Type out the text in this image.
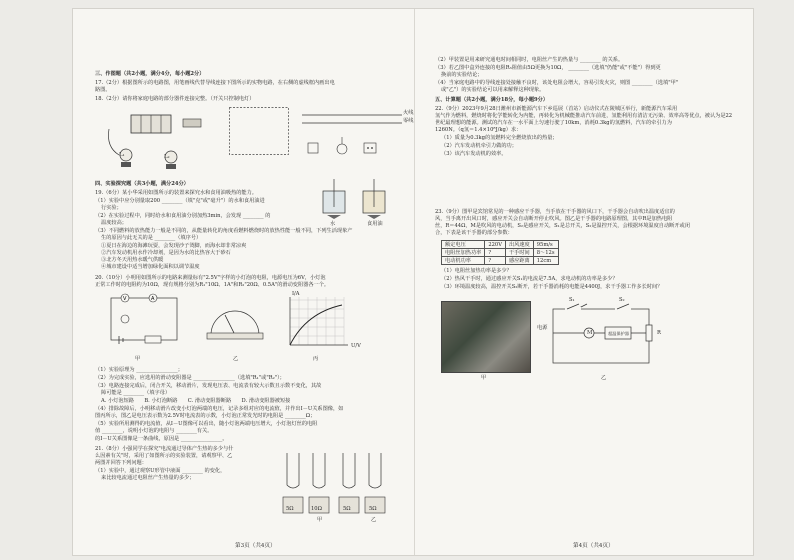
三、作图题（共2小题，满分4分，每小题2分）
17.（2分）根据图所示的电路图，用笔画线代替导线连接下图所示的实物电路，在右侧的虚线框内画出电
路图。
18.（2分）请你将家庭电路的部分器件连接完整。（开关只控制电灯）
L₁	L₂
火线
零线
四、实验探究题（共3小题，满分24分）
19.（6分）某小华采用如图所示的装置来探究水和食用油吸热的能力。
（1）实验中应分别量取200 ________（填"克"或"毫升"）的水和食用油进
行实验；
（2）在实验过程中，同时给水和食用油分别加热3min，会发现 ________ 的
温度较高；
（3）不同燃料的放热能力一般是不同的，从能量转化的角度看燃料燃烧时的放热性能一般不同，下列生活现象产
生的原因与此无关的是 ________（填序号）
①夏日在海边的海滩玩耍，会发现沙子烫脚，而海水却非常凉爽
②汽车发动机用水作冷却剂，是因为水的比热容大于砂石
③北方冬天用热水暖气供暖
④城市建设中适当增加绿化面积以调节温度
水	食用油
20.（10分）小明用如图所示的电路来测量标有"2.5V"字样的小灯泡的电阻，电源电压为6V，小灯泡
正常工作时的电阻约为10Ω，现有规格分别为R₁"10Ω、1A"和R₂"20Ω、0.5A"的滑动变阻器各一个。
V	A
甲	乙
I/A
U/V
丙
（1）实验原理为 ________________；
（2）为完成实验，应选用的滑动变阻器是 ________________（选填"R₁"或"R₂"）；
（3）电路连接完成后，闭合开关，移动滑片，发现电压表、电流表有较大示数且示数不变化，其故
障可能是 ________（填字母）
A. 小灯泡短路　　B. 小灯泡断路　　C. 滑动变阻器断路　　D. 滑动变阻器被短接
（4）排除故障后，小明移动滑片改变小灯泡两端的电压，记录多组对应的电流值，并作出I－U关系图像，如
图丙所示，图乙是电压表示数为2.5V时电流表的示数，小灯泡正常发光时的电阻是 ________Ω；
（5）实验所用测得的电流值，从I－U图像可以看出，随小灯泡两端电压增大，小灯泡灯丝的电阻
值 ________，说明小灯泡的电阻与 ________有关。
的I－U关系图像是一条曲线，原因是 ________________。
21.（8分）小强同学在探究"电流通过导体产生热的多少与什
么因素有关"时，采用了如图所示的实验装置，请观察甲、乙
两图并回答下列问题：
（1）实验中，通过观察U形管中液面 ________ 的变化，
来比较电流通过电阻丝产生热量的多少；
5Ω	10Ω	5Ω	5Ω
甲	乙
第3页（共4页）
（2）甲装置是用来研究通电时间相同时，电阻丝产生的热量与 ________ 的关系。
（3）若乙图中盒外连接的电阻R₃阻值由5Ω更换为10Ω， ________（选填"仍能"或"不能"）得到更
换前的实验结论；
（4）当家庭电路中的导线连接处接触不良时，该处电阻会增大，容易引发火灾，则图 ________（选填"甲"
或"乙"）的实验结论可以用来解释这种现象。
五、计算题（共2小题，满分18分，每小题9分）
22.（9分）2023年9月28日潍州市新能源汽车下乡巡展（首站）启动仪式在陵城区举行，新能源汽车采用
氢气作为燃料，燃烧时将化学能转化为内能，再转化为机械能推动汽车前进，氢能利用有清洁无污染、效率高等优点，被认为是22
世纪最理想的能源。测试的汽车在一水平面上匀速行驶了10km，消耗0.3kg的氢燃料，汽车的牵引力为
1260N。（q氢＝1.4×10⁸J/kg）求：
（1）质量为0.3kg的氢燃料完全燃烧放出的热量；
（2）汽车发动机牵引力做的功；
（3）该汽车发动机的效率。
23.（9分）图甲是宾馆常见的一种感应干手器，当手放在干手器的风口下，干手器会自动吹出温度适宜的
风，当手离开出风口时，感应开关会自动断开停止吹风。图乙是干手器的电路原理图，其中R是加热电阻
丝，R＝44Ω，M是吹风的电动机，S₂是感应开关，S₁是总开关，S₂是温控开关，会根据环境温度自动断开或闭
合，下表是该干手器的部分参数：
额定电压	220V	出风速度	95m/s
电阻丝加热功率	?	干手时间	8～12s
电动机功率	?	感应距离	12cm
（1）电阻丝加热功率是多少？
（2）热风干手时，通过感应开关S₁的电流是7.5A，求电动机的功率是多少？
（3）环境温度较高，温控开关S₂断开，若干手器消耗的电能是4400J，求干手器工作多长时间？
甲
S₁	S₂
M	超温保护器	R
电源
乙
第4页（共4页）
